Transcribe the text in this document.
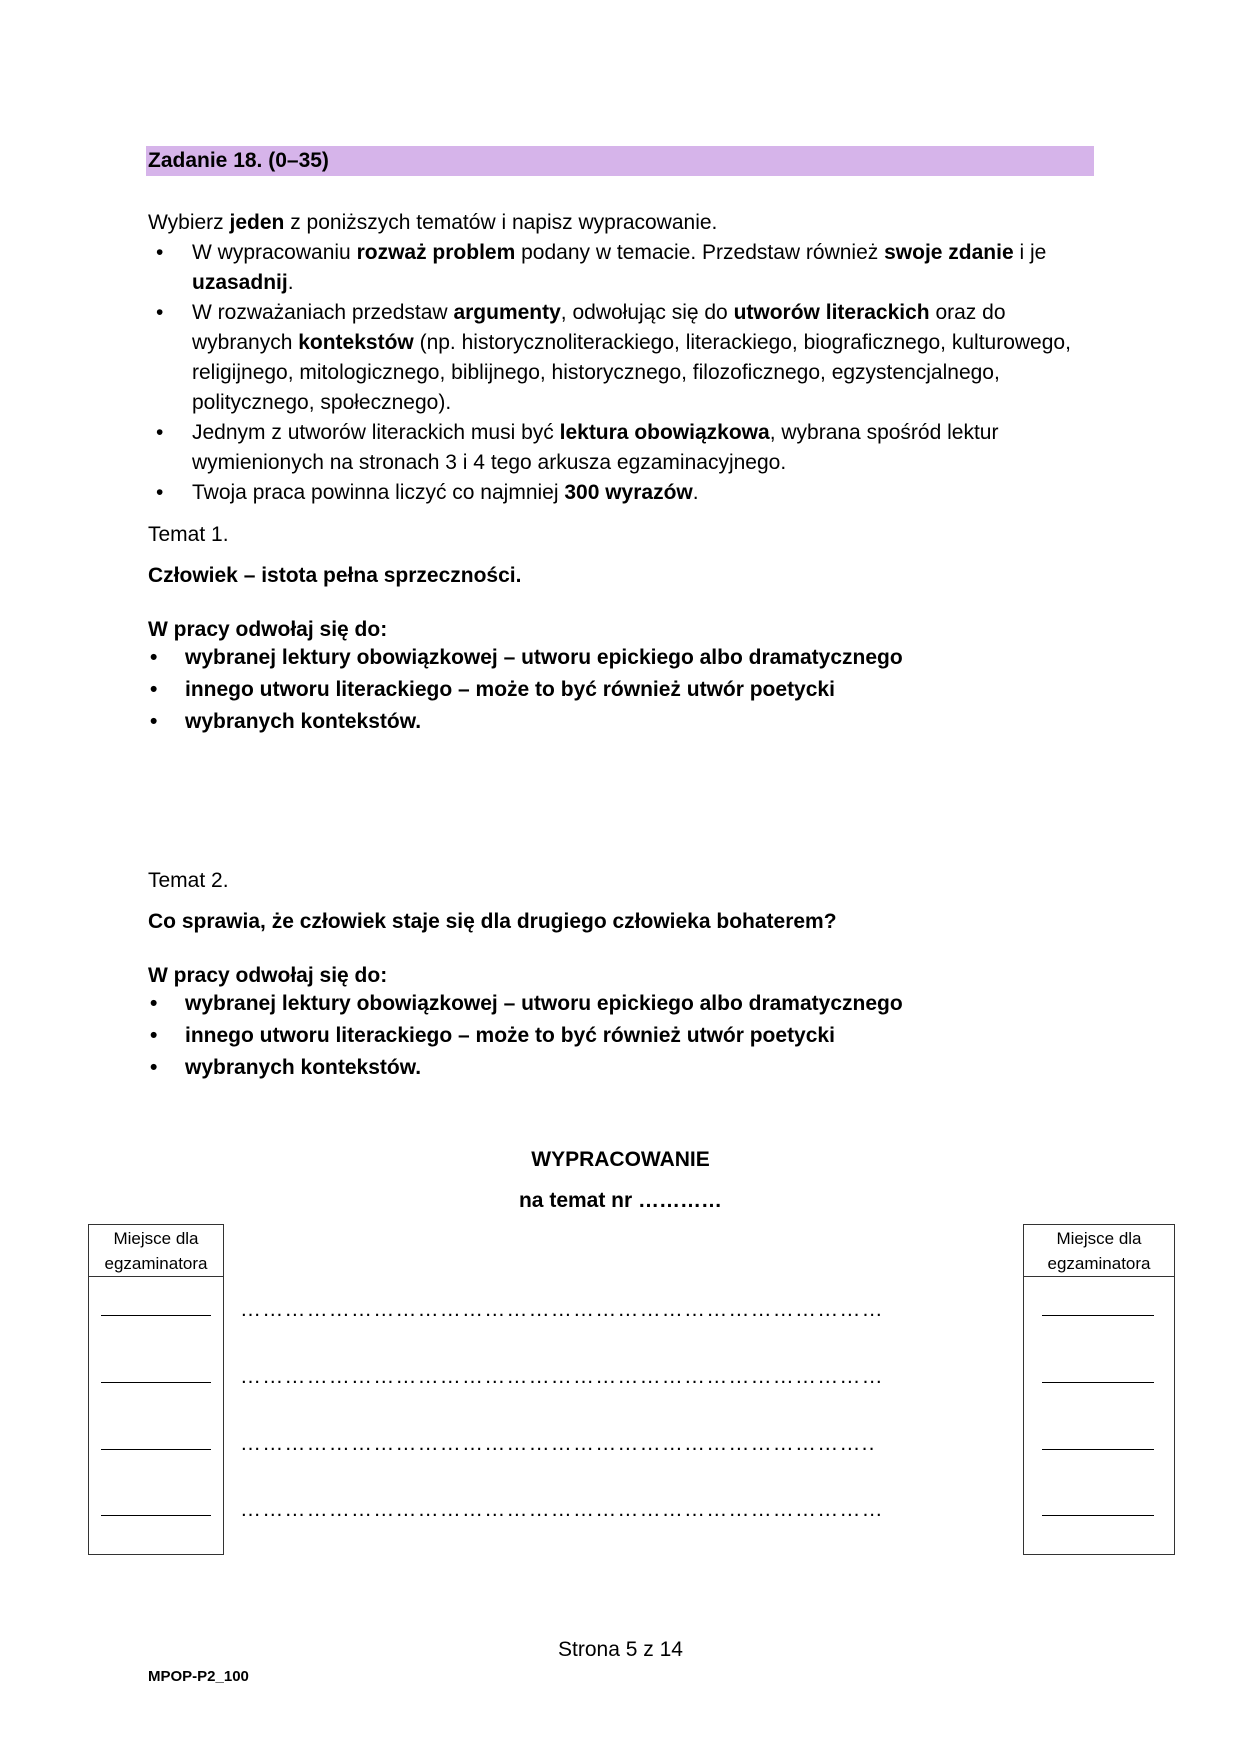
Zadanie 18. (0–35)
Wybierz jeden z poniższych tematów i napisz wypracowanie.
• W wypracowaniu rozważ problem podany w temacie. Przedstaw również swoje zdanie i je uzasadnij.
• W rozważaniach przedstaw argumenty, odwołując się do utworów literackich oraz do wybranych kontekstów (np. historycznoliterackiego, literackiego, biograficznego, kulturowego, religijnego, mitologicznego, biblijnego, historycznego, filozoficznego, egzystencjalnego, politycznego, społecznego).
• Jednym z utworów literackich musi być lektura obowiązkowa, wybrana spośród lektur wymienionych na stronach 3 i 4 tego arkusza egzaminacyjnego.
• Twoja praca powinna liczyć co najmniej 300 wyrazów.
Temat 1.
Człowiek – istota pełna sprzeczności.
W pracy odwołaj się do:
• wybranej lektury obowiązkowej – utworu epickiego albo dramatycznego
• innego utworu literackiego – może to być również utwór poetycki
• wybranych kontekstów.
Temat 2.
Co sprawia, że człowiek staje się dla drugiego człowieka bohaterem?
W pracy odwołaj się do:
• wybranej lektury obowiązkowej – utworu epickiego albo dramatycznego
• innego utworu literackiego – może to być również utwór poetycki
• wybranych kontekstów.
WYPRACOWANIE
na temat nr …………
Miejsce dla
egzaminatora
Miejsce dla
egzaminatora
……………………………………………………………………………
……………………………………………………………………………
…………………………………………………………………………..
……………………………………………………………………………
Strona 5 z 14
MPOP-P2_100
